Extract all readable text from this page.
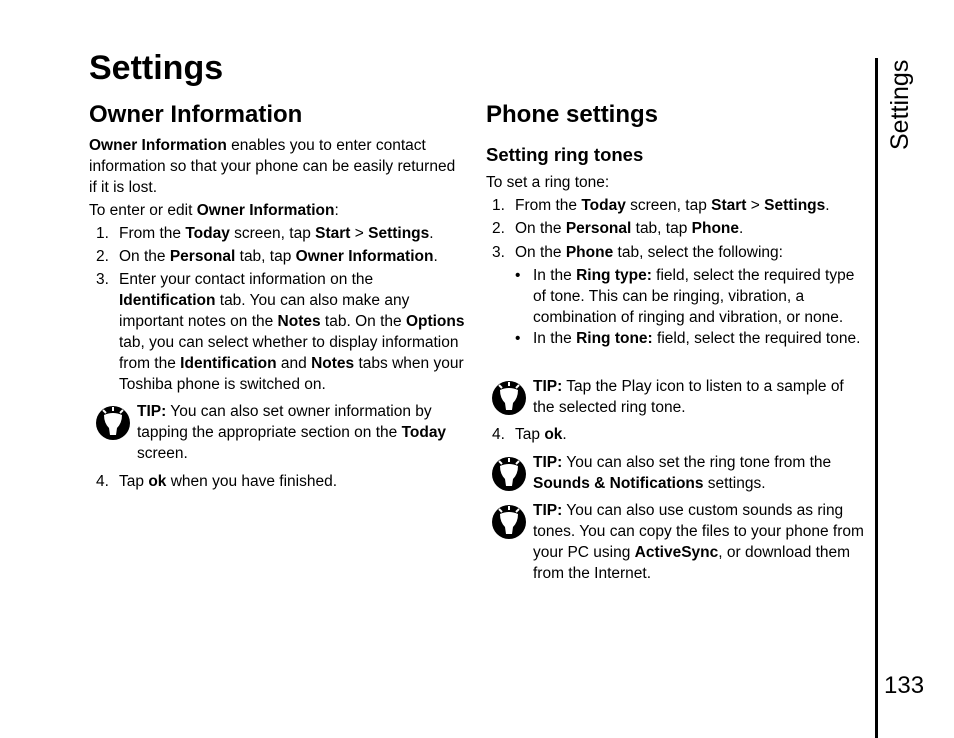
Settings	Settings
133
Owner Information

Owner Information enables you to enter contact information so that your phone can be easily returned if it is lost.

To enter or edit Owner Information:

1. From the Today screen, tap Start > Settings.
2. On the Personal tab, tap Owner Information.
3. Enter your contact information on the Identification tab. You can also make any important notes on the Notes tab. On the Options tab, you can select whether to display information from the Identification and Notes tabs when your Toshiba phone is switched on.
TIP: You can also set owner information by tapping the appropriate section on the Today screen.
4. Tap ok when you have finished.
Phone settings
Setting ring tones

To set a ring tone:

1. From the Today screen, tap Start > Settings.
2. On the Personal tab, tap Phone.
3. On the Phone tab, select the following:
• In the Ring type: field, select the required type of tone. This can be ringing, vibration, a combination of ringing and vibration, or none.
• In the Ring tone: field, select the required tone.
TIP: Tap the Play icon to listen to a sample of the selected ring tone.
4. Tap ok.
TIP: You can also set the ring tone from the Sounds & Notifications settings.
TIP: You can also use custom sounds as ring tones. You can copy the files to your phone from your PC using ActiveSync, or download them from the Internet.
